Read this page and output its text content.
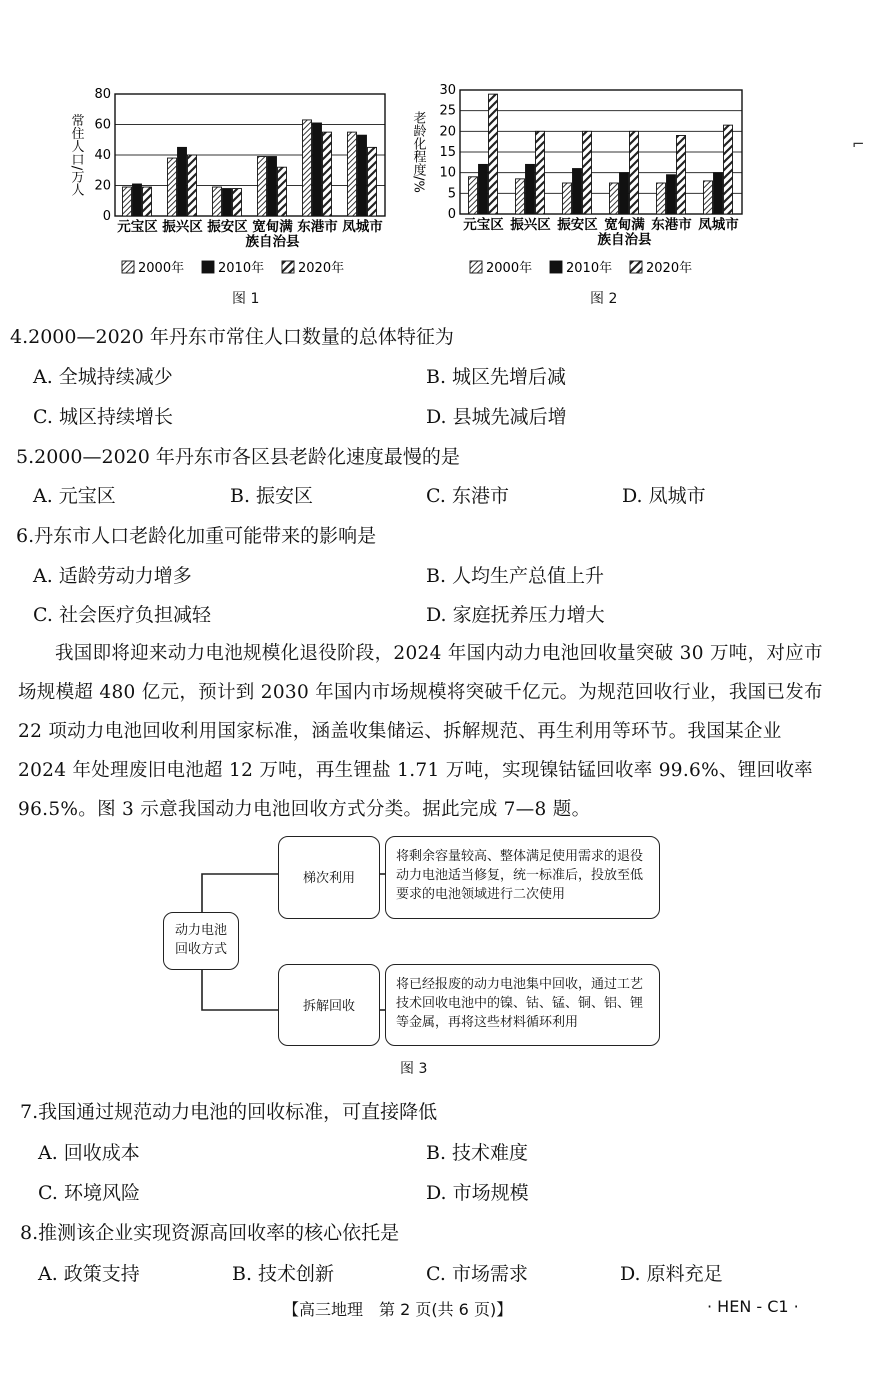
常住人口/万人
0
20
40
60
80
元宝区 振兴区 振安区 宽甸满
族自治县
东港市 凤城市
2000年	2010年	2020年
图 1
老龄化程度/%
0
5
10
15
20
25
30
元宝区 振兴区 振安区 宽甸满
族自治县
东港市 凤城市
2000年	2010年	2020年
图 2
4.2000—2020 年丹东市常住人口数量的总体特征为
A. 全城持续减少	B. 城区先增后减
C. 城区持续增长	D. 县城先减后增
5.2000—2020 年丹东市各区县老龄化速度最慢的是
A. 元宝区	B. 振安区	C. 东港市	D. 凤城市
6.丹东市人口老龄化加重可能带来的影响是
A. 适龄劳动力增多	B. 人均生产总值上升
C. 社会医疗负担减轻	D. 家庭抚养压力增大

我国即将迎来动力电池规模化退役阶段，2024 年国内动力电池回收量突破 30 万吨，对应市场规模超 480 亿元，预计到 2030 年国内市场规模将突破千亿元。为规范回收行业，我国已发布 22 项动力电池回收利用国家标准，涵盖收集储运、拆解规范、再生利用等环节。我国某企业 2024 年处理废旧电池超 12 万吨，再生锂盐 1.71 万吨，实现镍钴锰回收率 99.6%、锂回收率 96.5%。图 3 示意我国动力电池回收方式分类。据此完成 7—8 题。

动力电池
回收方式
梯次利用
将剩余容量较高、整体满足使用需求的退役动力电池适当修复，统一标准后，投放至低要求的电池领域进行二次使用
拆解回收
将已经报废的动力电池集中回收，通过工艺技术回收电池中的镍、钴、锰、铜、铝、锂等金属，再将这些材料循环利用
图 3
7.我国通过规范动力电池的回收标准，可直接降低
A. 回收成本	B. 技术难度
C. 环境风险	D. 市场规模
8.推测该企业实现资源高回收率的核心依托是
A. 政策支持	B. 技术创新	C. 市场需求	D. 原料充足
【高三地理　第 2 页(共 6 页)】	· HEN - C1 ·
⌐
